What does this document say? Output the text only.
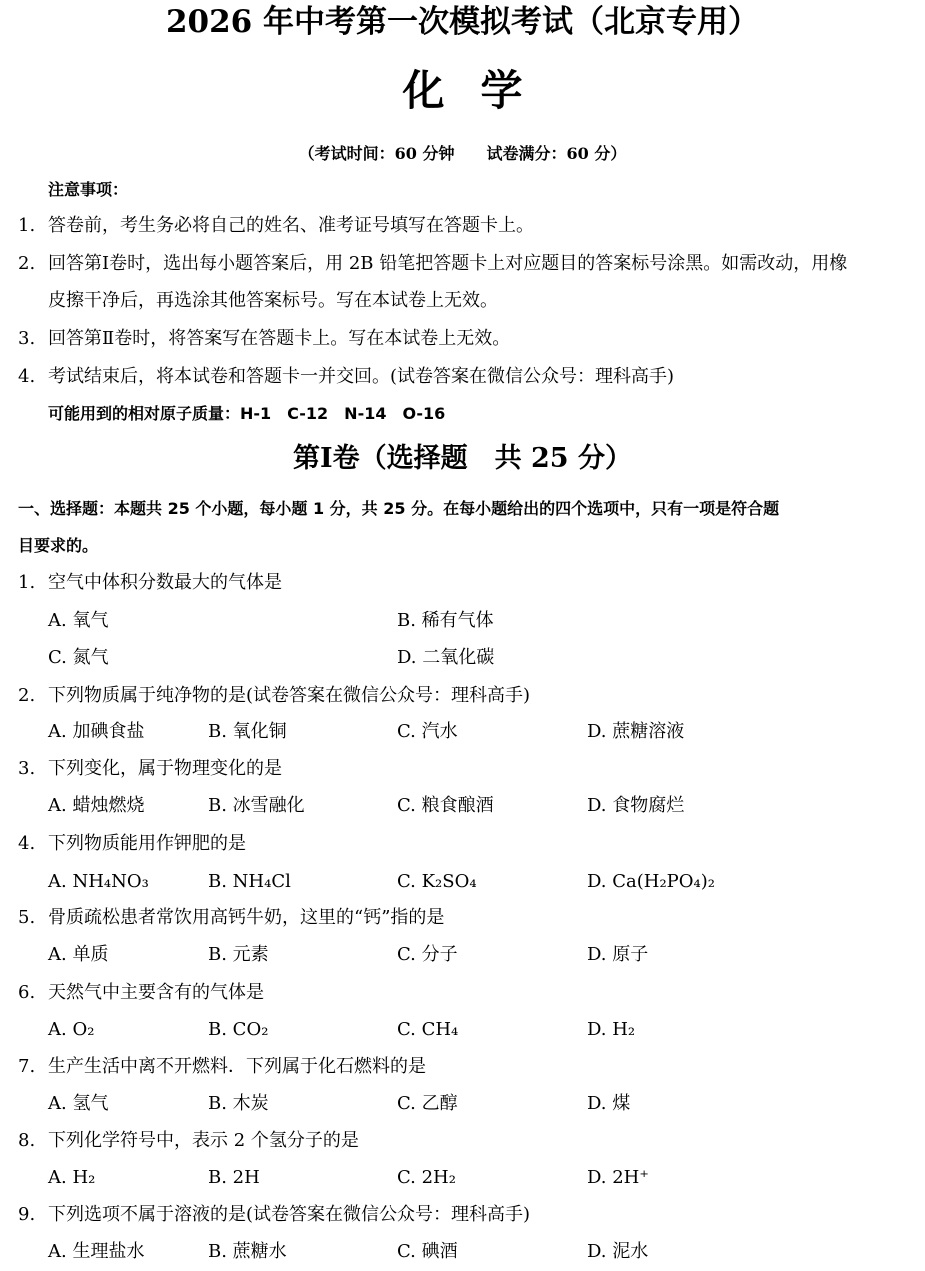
2026 年中考第一次模拟考试（北京专用）
化学
（考试时间：60 分钟　　试卷满分：60 分）
注意事项：
1. 答卷前，考生务必将自己的姓名、准考证号填写在答题卡上。
2. 回答第Ⅰ卷时，选出每小题答案后，用 2B 铅笔把答题卡上对应题目的答案标号涂黑。如需改动，用橡
皮擦干净后，再选涂其他答案标号。写在本试卷上无效。
3. 回答第Ⅱ卷时，将答案写在答题卡上。写在本试卷上无效。
4. 考试结束后，将本试卷和答题卡一并交回。(试卷答案在微信公众号：理科高手)
可能用到的相对原子质量：H-1　C-12　N-14　O-16
第Ⅰ卷（选择题　共 25 分）
一、选择题：本题共 25 个小题，每小题 1 分，共 25 分。在每小题给出的四个选项中，只有一项是符合题
目要求的。
1. 空气中体积分数最大的气体是
A. 氧气	B. 稀有气体
C. 氮气	D. 二氧化碳
2. 下列物质属于纯净物的是(试卷答案在微信公众号：理科高手)
A. 加碘食盐	B. 氧化铜	C. 汽水	D. 蔗糖溶液
3. 下列变化，属于物理变化的是
A. 蜡烛燃烧	B. 冰雪融化	C. 粮食酿酒	D. 食物腐烂
4. 下列物质能用作钾肥的是
A. NH₄NO₃	B. NH₄Cl	C. K₂SO₄	D. Ca(H₂PO₄)₂
5. 骨质疏松患者常饮用高钙牛奶，这里的“钙”指的是
A. 单质	B. 元素	C. 分子	D. 原子
6. 天然气中主要含有的气体是
A. O₂	B. CO₂	C. CH₄	D. H₂
7. 生产生活中离不开燃料．下列属于化石燃料的是
A. 氢气	B. 木炭	C. 乙醇	D. 煤
8. 下列化学符号中，表示 2 个氢分子的是
A. H₂	B. 2H	C. 2H₂	D. 2H⁺
9. 下列选项不属于溶液的是(试卷答案在微信公众号：理科高手)
A. 生理盐水	B. 蔗糖水	C. 碘酒	D. 泥水
